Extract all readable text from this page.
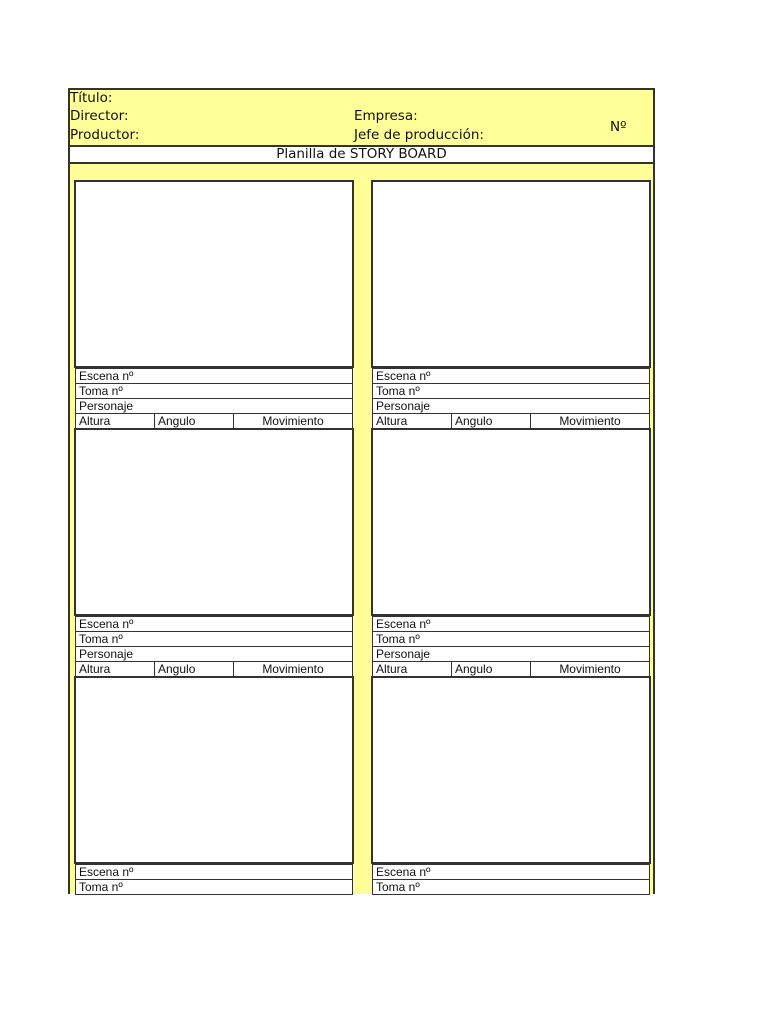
Título:
Director:
Productor:
Empresa:
Jefe de producción:	Nº
Planilla de STORY BOARD
Escena nº
Toma nº
Personaje
Altura	Angulo	Movimiento
Escena nº
Toma nº
Personaje
Altura	Angulo	Movimiento
Escena nº
Toma nº
Personaje
Altura	Angulo	Movimiento
Escena nº
Toma nº
Personaje
Altura	Angulo	Movimiento
Escena nº
Toma nº
Escena nº
Toma nº
